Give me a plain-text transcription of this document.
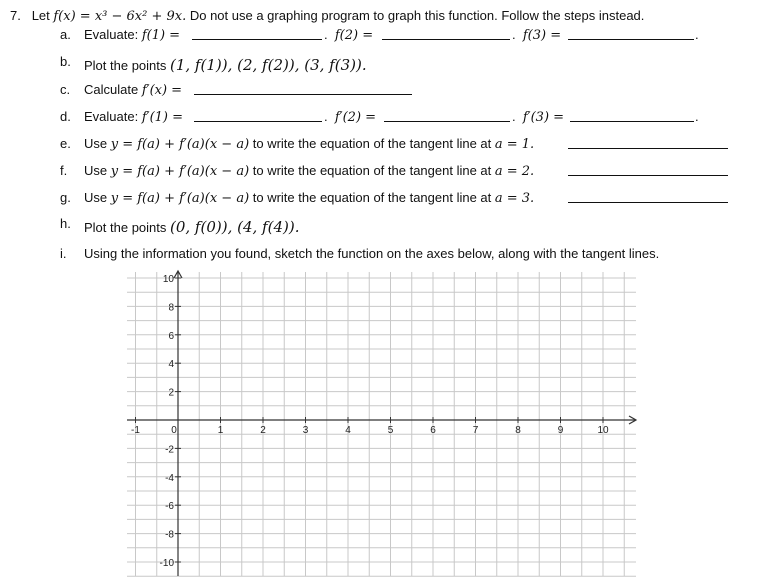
7. Let f(x) = x³ − 6x² + 9x. Do not use a graphing program to graph this function. Follow the steps instead.
a. Evaluate: f(1) =	.  f(2) =	.  f(3) =	.
b. Plot the points (1, f(1)), (2, f(2)), (3, f(3)).
c. Calculate f′(x) =
d. Evaluate: f′(1) =	.  f′(2) =	.  f′(3) =	.
e. Use y = f(a) + f′(a)(x − a) to write the equation of the tangent line at a = 1.
f. Use y = f(a) + f′(a)(x − a) to write the equation of the tangent line at a = 2.
g. Use y = f(a) + f′(a)(x − a) to write the equation of the tangent line at a = 3.
h. Plot the points (0, f(0)), (4, f(4)).
i. Using the information you found, sketch the function on the axes below, along with the tangent lines.
-1	0	1	2	3	4	5	6	7	8	9	10
10
8
6
4
2
-2
-4
-6
-8
-10
